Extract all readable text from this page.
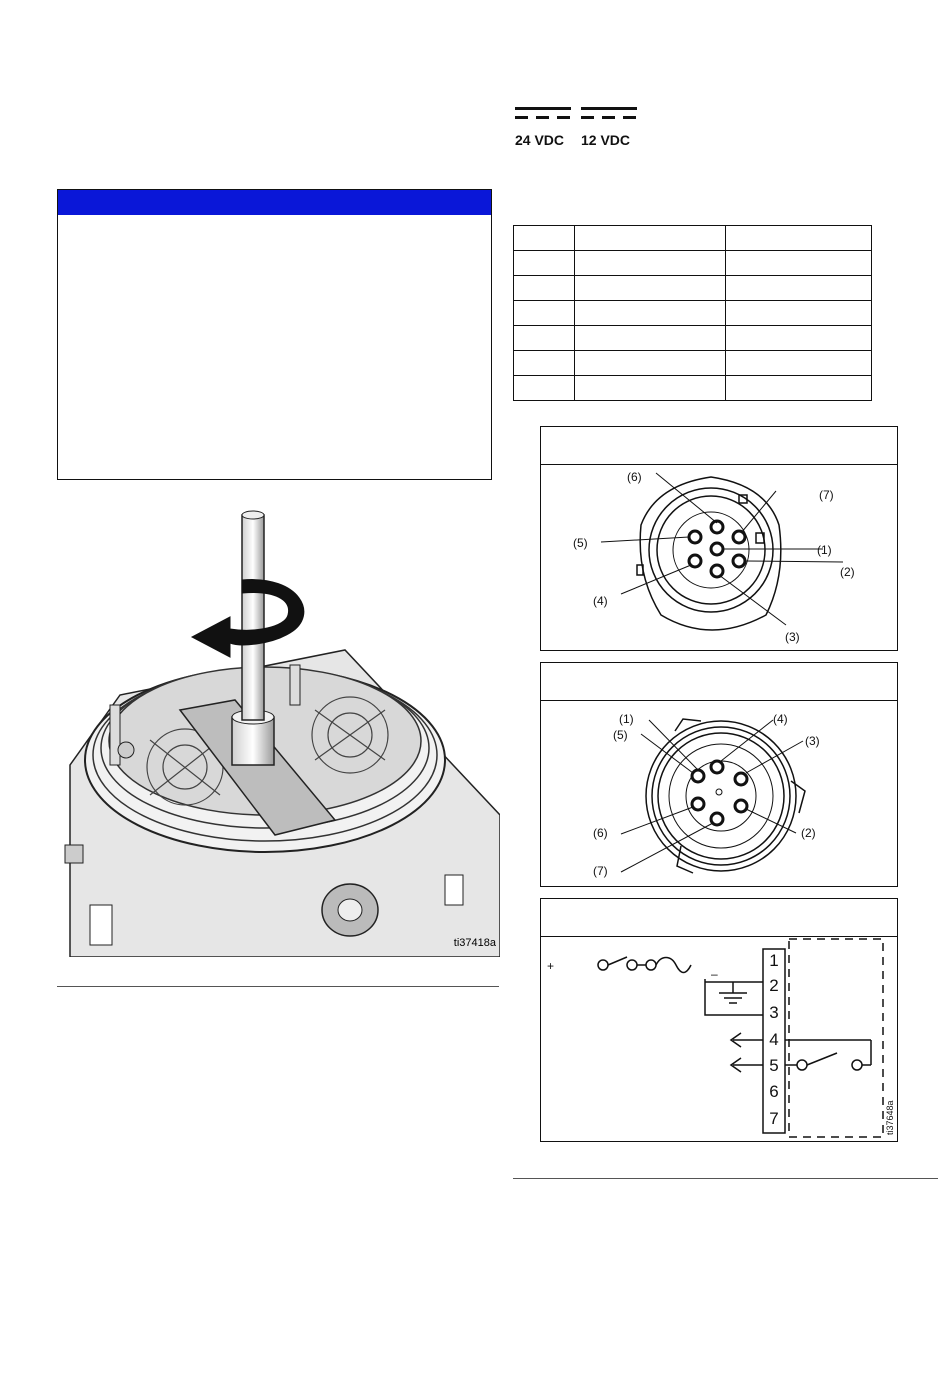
24 VDC 12 VDC

ti37418a
(6)
(7)
(5)	(1)
(2)
(4)
(3)
(1)	(4)
(5)	(3)
(6)	(2)
(7)
+
–
1
2
3
4
5
6
7	ti37648a
